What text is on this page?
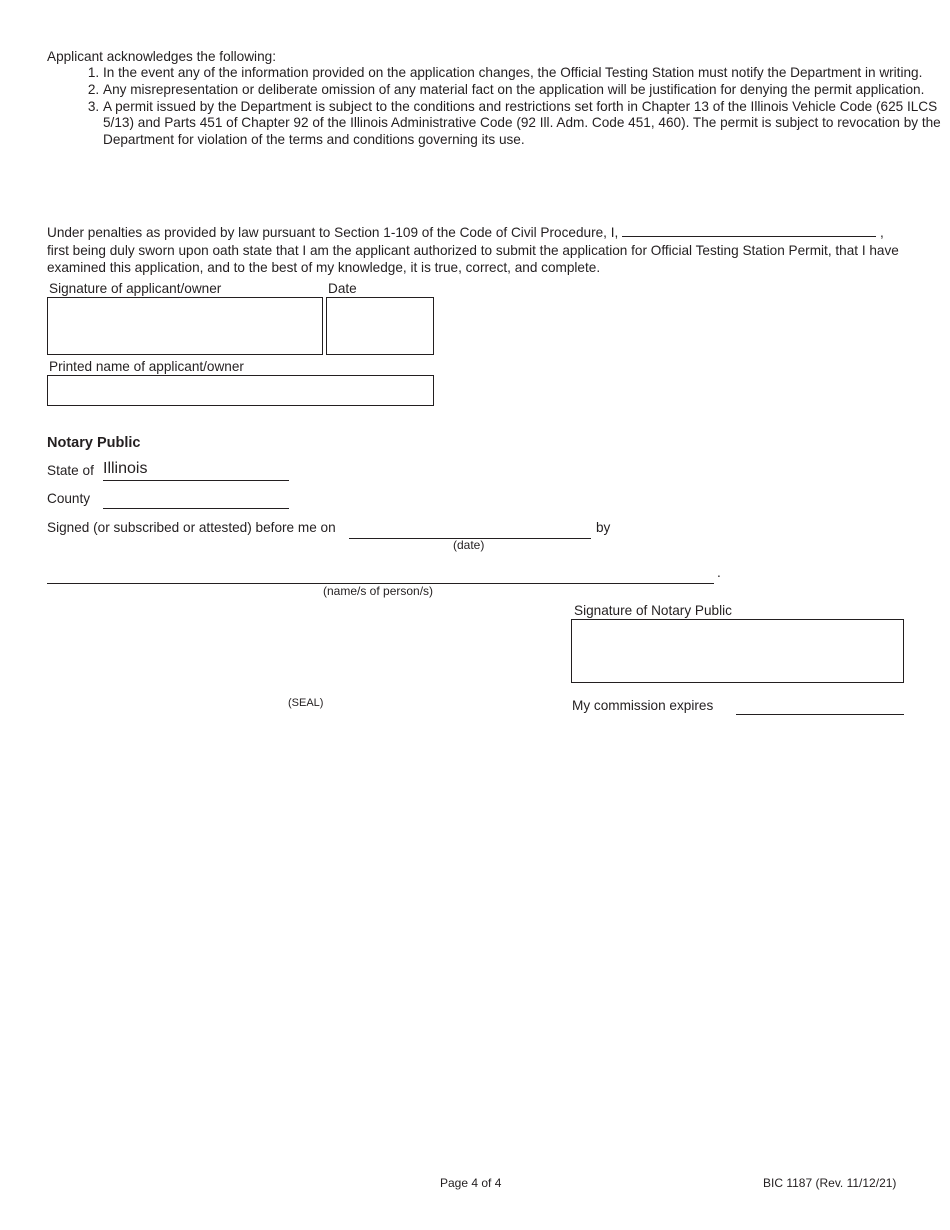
Applicant acknowledges the following:
1. In the event any of the information provided on the application changes, the Official Testing Station must notify the Department in writing.
2. Any misrepresentation or deliberate omission of any material fact on the application will be justification for denying the permit application.
3. A permit issued by the Department is subject to the conditions and restrictions set forth in Chapter 13 of the Illinois Vehicle Code (625 ILCS 5/13) and Parts 451 of Chapter 92 of the Illinois Administrative Code (92 Ill. Adm. Code 451, 460). The permit is subject to revocation by the Department for violation of the terms and conditions governing its use.
Under penalties as provided by law pursuant to Section 1-109 of the Code of Civil Procedure, I,	, first being duly sworn upon oath state that I am the applicant authorized to submit the application for Official Testing Station Permit, that I have examined this application, and to the best of my knowledge, it is true, correct, and complete.
Signature of applicant/owner	Date
Printed name of applicant/owner
Notary Public
State of Illinois
County
Signed (or subscribed or attested) before me on	by
(date)
.
(name/s of person/s)
Signature of Notary Public
(SEAL)	My commission expires
Page 4 of 4	BIC 1187 (Rev. 11/12/21)
